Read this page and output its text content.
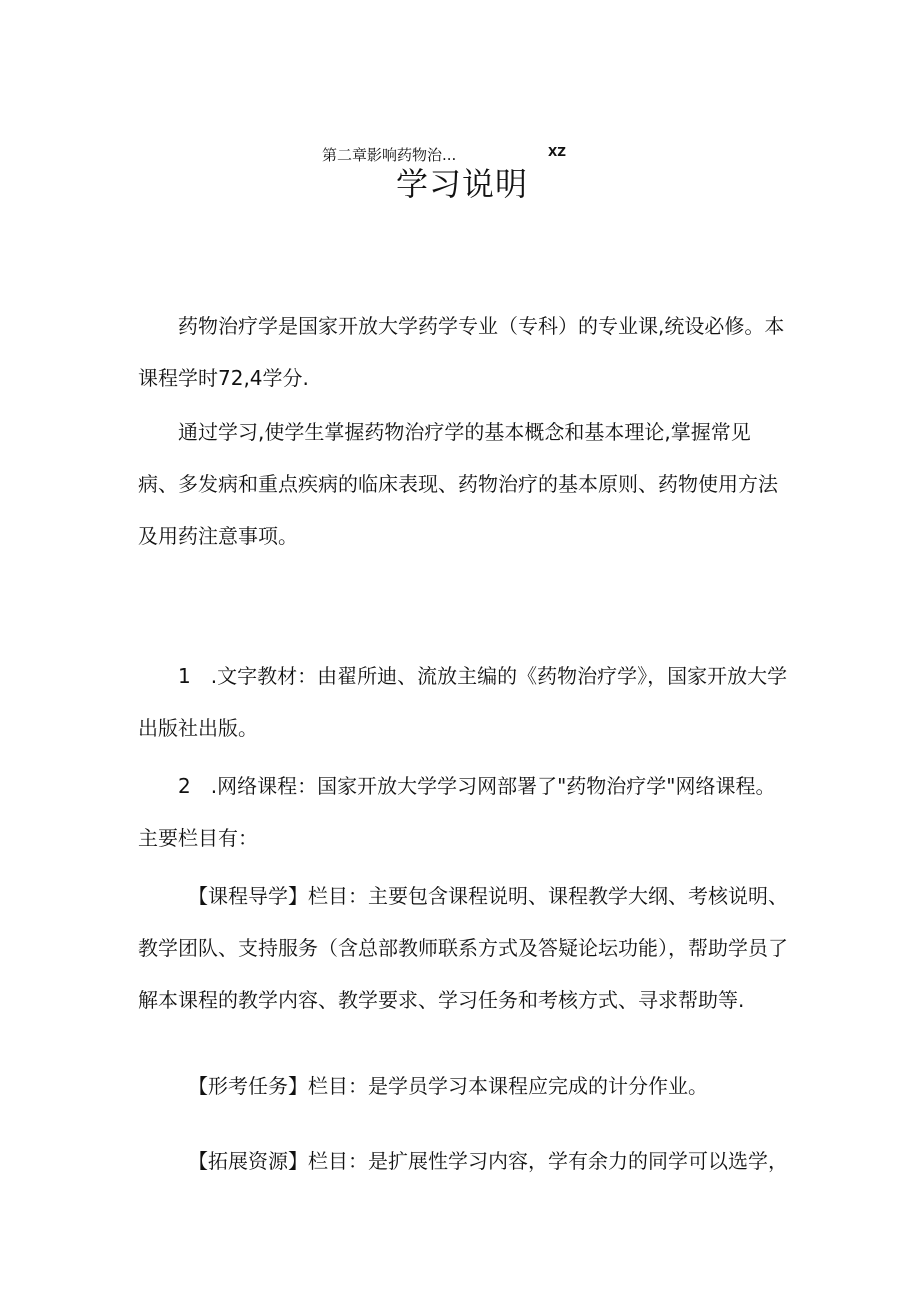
第二章影响药物治...	XZ
学习说明

　　药物治疗学是国家开放大学药学专业（专科）的专业课,统设必修。本课程学时72,4学分.

　　通过学习,使学生掌握药物治疗学的基本概念和基本理论,掌握常见病、多发病和重点疾病的临床表现、药物治疗的基本原则、药物使用方法及用药注意事项。

　　1　.文字教材：由翟所迪、流放主编的《药物治疗学》，国家开放大学出版社出版。

　　2　.网络课程：国家开放大学学习网部署了"药物治疗学"网络课程。主要栏目有：

　　　【课程导学】栏目：主要包含课程说明、课程教学大纲、考核说明、教学团队、支持服务（含总部教师联系方式及答疑论坛功能），帮助学员了解本课程的教学内容、教学要求、学习任务和考核方式、寻求帮助等.

　　　【形考任务】栏目：是学员学习本课程应完成的计分作业。

　　　【拓展资源】栏目：是扩展性学习内容，学有余力的同学可以选学，
